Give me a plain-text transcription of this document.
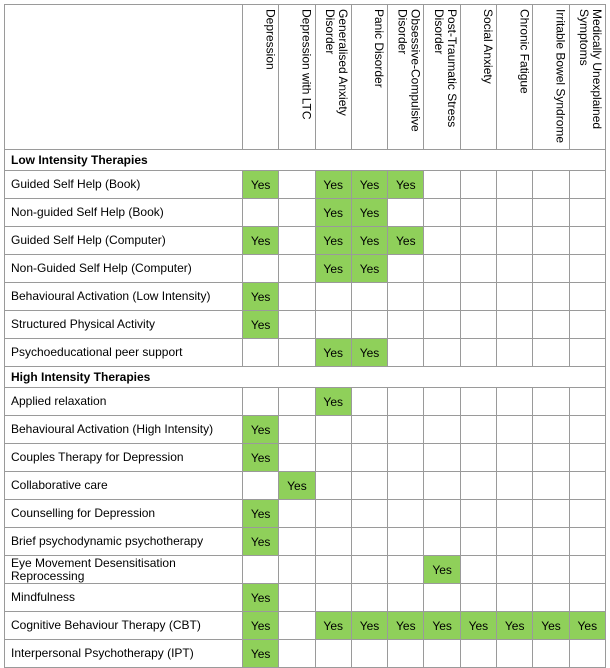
	Depression	Depression with LTC	Generalised Anxiety Disorder	Panic Disorder	Obsessive-Compulsive Disorder	Post-Traumatic Stress Disorder	Social Anxiety	Chronic Fatigue	Irritable Bowel Syndrome	Medically Unexplained Symptoms

Low Intensity Therapies										
Guided Self Help (Book)	Yes		Yes	Yes	Yes					
Non-guided Self Help (Book)			Yes	Yes						
Guided Self Help (Computer)	Yes		Yes	Yes	Yes					
Non-Guided Self Help (Computer)			Yes	Yes						
Behavioural Activation (Low Intensity)	Yes									
Structured Physical Activity	Yes									
Psychoeducational peer support			Yes	Yes						
High Intensity Therapies										
Applied relaxation			Yes							
Behavioural Activation (High Intensity)	Yes									
Couples Therapy for Depression	Yes									
Collaborative care		Yes								
Counselling for Depression	Yes									
Brief psychodynamic psychotherapy	Yes									
Eye Movement Desensitisation Reprocessing						Yes				
Mindfulness	Yes									
Cognitive Behaviour Therapy (CBT)	Yes		Yes	Yes	Yes	Yes	Yes	Yes	Yes	Yes
Interpersonal Psychotherapy (IPT)	Yes									
